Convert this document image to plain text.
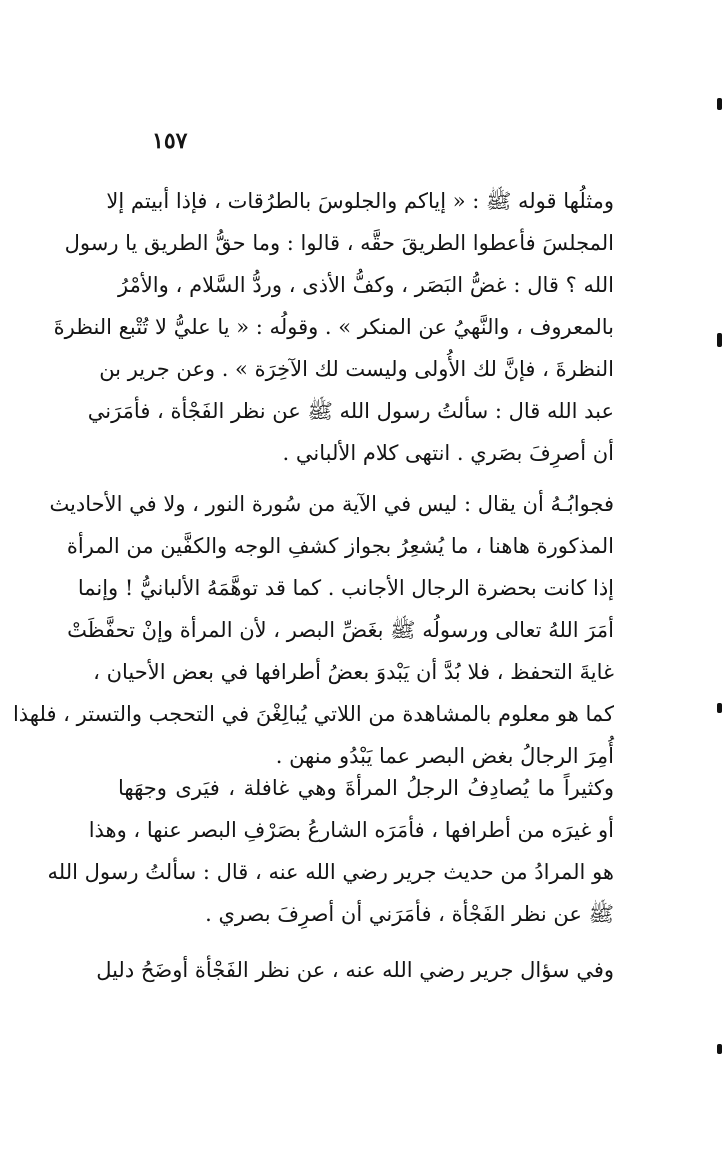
١٥٧
ومثلُها قوله ﷺ : « إياكم والجلوسَ بالطرُقات ، فإذا أبيتم إلا
المجلسَ فأعطوا الطريقَ حقَّه ، قالوا : وما حقُّ الطريق يا رسول
الله ؟ قال : غضُّ البَصَر ، وكفُّ الأذى ، وردُّ السَّلام ، والأمْرُ
بالمعروف ، والنَّهيُ عن المنكر » . وقولُه : « يا عليُّ لا تُتْبع النظرةَ
النظرةَ ، فإنَّ لك الأُولى وليست لك الآخِرَة » . وعن جرير بن
عبد الله قال : سألتُ رسول الله ﷺ عن نظر الفَجْأة ، فأمَرَني
أن أصرِفَ بصَري . انتهى كلام الألباني .
فجوابُـهُ أن يقال : ليس في الآية من سُورة النور ، ولا في الأحاديث
المذكورة هاهنا ، ما يُشعِرُ بجواز كشفِ الوجه والكفَّين من المرأة
إذا كانت بحضرة الرجال الأجانب . كما قد توهَّمَهُ الألبانيُّ ! وإنما
أمَرَ اللهُ تعالى ورسولُه ﷺ بغَضِّ البصر ، لأن المرأة وإنْ تحفَّظَتْ
غايةَ التحفظ ، فلا بُدَّ أن يَبْدوَ بعضُ أطرافها في بعض الأحيان ،
كما هو معلوم بالمشاهدة من اللاتي يُبالِغْنَ في التحجب والتستر ، فلهذا
أُمِرَ الرجالُ بغض البصر عما يَبْدُو منهن .
وكثيراً ما يُصادِفُ الرجلُ المرأةَ وهي غافلة ، فيَرى وجهَها
أو غيرَه من أطرافها ، فأمَرَه الشارعُ بصَرْفِ البصر عنها ، وهذا
هو المرادُ من حديث جرير رضي الله عنه ، قال : سألتُ رسول الله
ﷺ عن نظر الفَجْأة ، فأمَرَني أن أصرِفَ بصري .
وفي سؤال جرير رضي الله عنه ، عن نظر الفَجْأة أوضَحُ دليل
